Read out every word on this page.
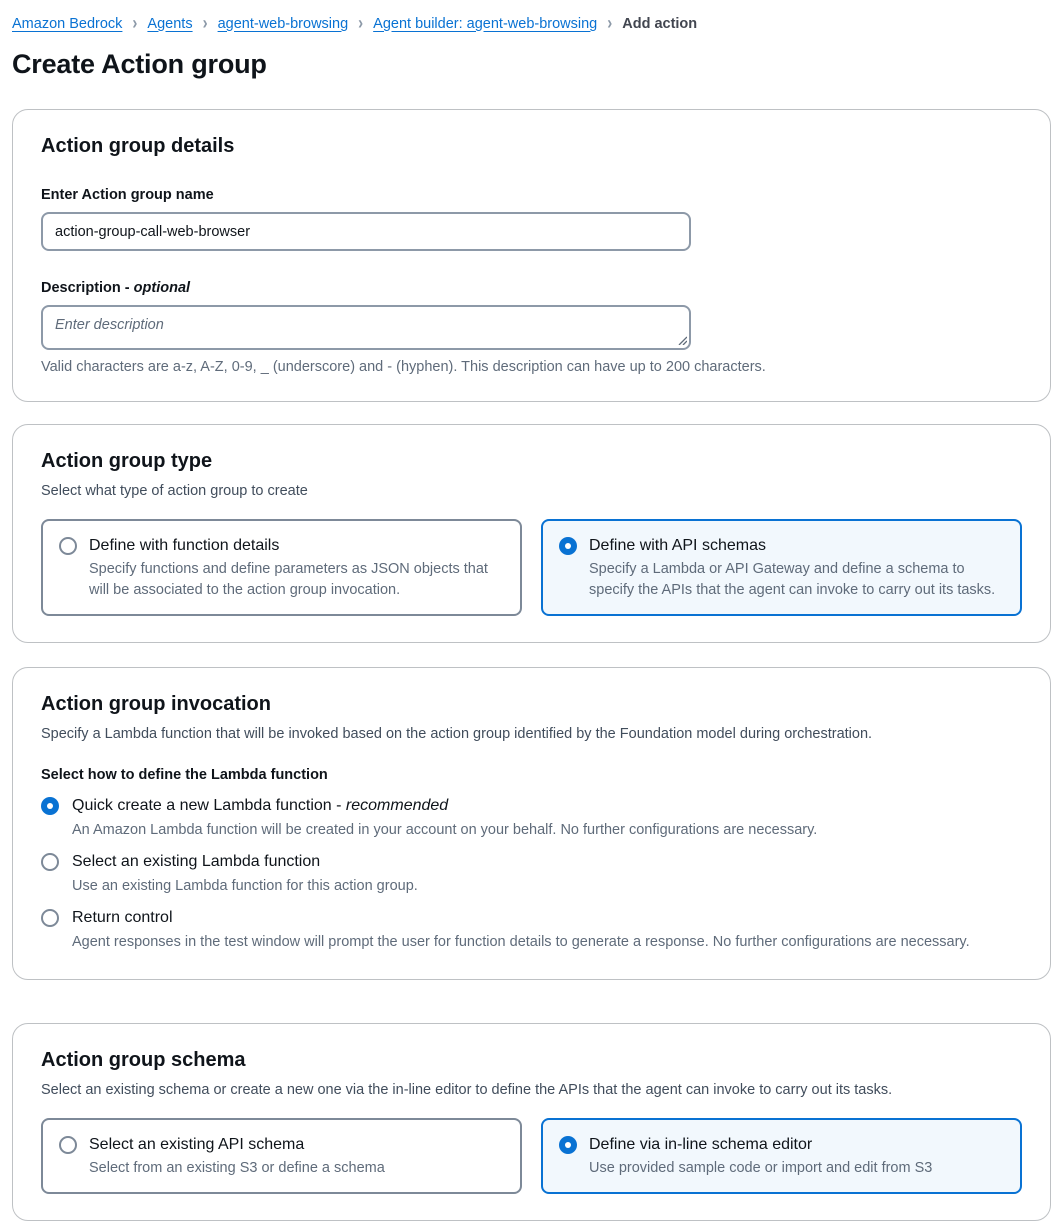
Amazon Bedrock › Agents › agent-web-browsing › Agent builder: agent-web-browsing › Add action
Create Action group
Action group details
Enter Action group name
action-group-call-web-browser
Description - optional
Enter description
Valid characters are a-z, A-Z, 0-9, _ (underscore) and - (hyphen). This description can have up to 200 characters.
Action group type
Select what type of action group to create
Define with function details
Specify functions and define parameters as JSON objects that will be associated to the action group invocation.
Define with API schemas
Specify a Lambda or API Gateway and define a schema to specify the APIs that the agent can invoke to carry out its tasks.
Action group invocation
Specify a Lambda function that will be invoked based on the action group identified by the Foundation model during orchestration.
Select how to define the Lambda function
Quick create a new Lambda function - recommended
An Amazon Lambda function will be created in your account on your behalf. No further configurations are necessary.
Select an existing Lambda function
Use an existing Lambda function for this action group.
Return control
Agent responses in the test window will prompt the user for function details to generate a response. No further configurations are necessary.
Action group schema
Select an existing schema or create a new one via the in-line editor to define the APIs that the agent can invoke to carry out its tasks.
Select an existing API schema
Select from an existing S3 or define a schema
Define via in-line schema editor
Use provided sample code or import and edit from S3
